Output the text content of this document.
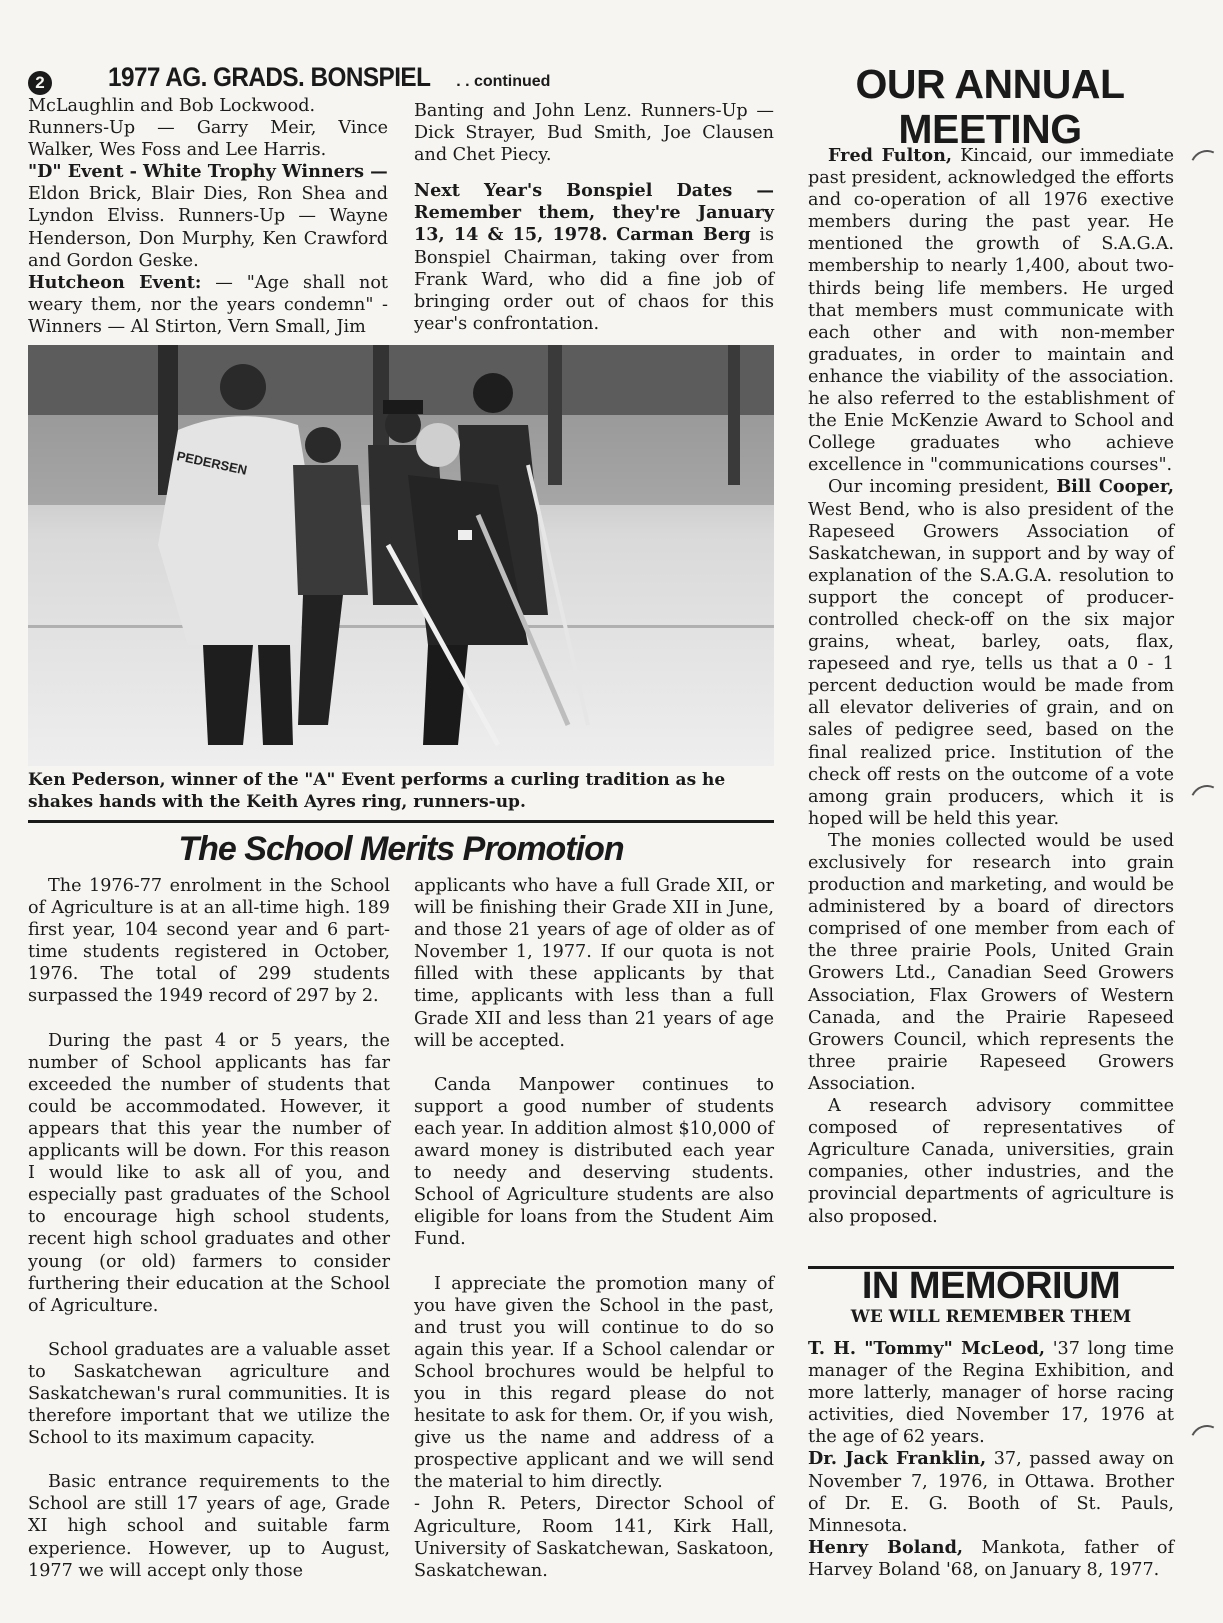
2 1977 AG. GRADS. BONSPIEL . . continued

McLaughlin and Bob Lockwood.

Runners-Up — Garry Meir, Vince Walker, Wes Foss and Lee Harris.

"D" Event - White Trophy Winners —

Eldon Brick, Blair Dies, Ron Shea and Lyndon Elviss. Runners-Up — Wayne Henderson, Don Murphy, Ken Crawford and Gordon Geske.

Hutcheon Event: — "Age shall not weary them, nor the years condemn" - Winners — Al Stirton, Vern Small, Jim

Banting and John Lenz. Runners-Up — Dick Strayer, Bud Smith, Joe Clausen and Chet Piecy.

Next Year's Bonspiel Dates — Remember them, they're January 13, 14 & 15, 1978. Carman Berg is Bonspiel Chairman, taking over from Frank Ward, who did a fine job of bringing order out of chaos for this year's confrontation.

PEDERSEN
Ken Pederson, winner of the "A" Event performs a curling tradition as he shakes hands with the Keith Ayres ring, runners-up.
The School Merits Promotion

The 1976-77 enrolment in the School of Agriculture is at an all-time high. 189 first year, 104 second year and 6 part-time students registered in October, 1976. The total of 299 students surpassed the 1949 record of 297 by 2.

During the past 4 or 5 years, the number of School applicants has far exceeded the number of students that could be accommodated. However, it appears that this year the number of applicants will be down. For this reason I would like to ask all of you, and especially past graduates of the School to encourage high school students, recent high school graduates and other young (or old) farmers to consider furthering their education at the School of Agriculture.

School graduates are a valuable asset to Saskatchewan agriculture and Saskatchewan's rural communities. It is therefore important that we utilize the School to its maximum capacity.

Basic entrance requirements to the School are still 17 years of age, Grade XI high school and suitable farm experience. However, up to August, 1977 we will accept only those

applicants who have a full Grade XII, or will be finishing their Grade XII in June, and those 21 years of age of older as of November 1, 1977. If our quota is not filled with these applicants by that time, applicants with less than a full Grade XII and less than 21 years of age will be accepted.

Canda Manpower continues to support a good number of students each year. In addition almost $10,000 of award money is distributed each year to needy and deserving students. School of Agriculture students are also eligible for loans from the Student Aim Fund.

I appreciate the promotion many of you have given the School in the past, and trust you will continue to do so again this year. If a School calendar or School brochures would be helpful to you in this regard please do not hesitate to ask for them. Or, if you wish, give us the name and address of a prospective applicant and we will send the material to him directly.

- John R. Peters, Director School of Agriculture, Room 141, Kirk Hall, University of Saskatchewan, Saskatoon, Saskatchewan.

OUR ANNUAL
MEETING

Fred Fulton, Kincaid, our immediate past president, acknowledged the efforts and co-operation of all 1976 exective members during the past year. He mentioned the growth of S.A.G.A. membership to nearly 1,400, about two-thirds being life members. He urged that members must communicate with each other and with non-member graduates, in order to maintain and enhance the viability of the association. he also referred to the establishment of the Enie McKenzie Award to School and College graduates who achieve excellence in "communications courses".

Our incoming president, Bill Cooper, West Bend, who is also president of the Rapeseed Growers Association of Saskatchewan, in support and by way of explanation of the S.A.G.A. resolution to support the concept of producer-controlled check-off on the six major grains, wheat, barley, oats, flax, rapeseed and rye, tells us that a 0 - 1 percent deduction would be made from all elevator deliveries of grain, and on sales of pedigree seed, based on the final realized price. Institution of the check off rests on the outcome of a vote among grain producers, which it is hoped will be held this year.

The monies collected would be used exclusively for research into grain production and marketing, and would be administered by a board of directors comprised of one member from each of the three prairie Pools, United Grain Growers Ltd., Canadian Seed Growers Association, Flax Growers of Western Canada, and the Prairie Rapeseed Growers Council, which represents the three prairie Rapeseed Growers Association.

A research advisory committee composed of representatives of Agriculture Canada, universities, grain companies, other industries, and the provincial departments of agriculture is also proposed.

IN MEMORIUM
WE WILL REMEMBER THEM

T. H. "Tommy" McLeod, '37 long time manager of the Regina Exhibition, and more latterly, manager of horse racing activities, died November 17, 1976 at the age of 62 years.

Dr. Jack Franklin, 37, passed away on November 7, 1976, in Ottawa. Brother of Dr. E. G. Booth of St. Pauls, Minnesota.

Henry Boland, Mankota, father of Harvey Boland '68, on January 8, 1977.
